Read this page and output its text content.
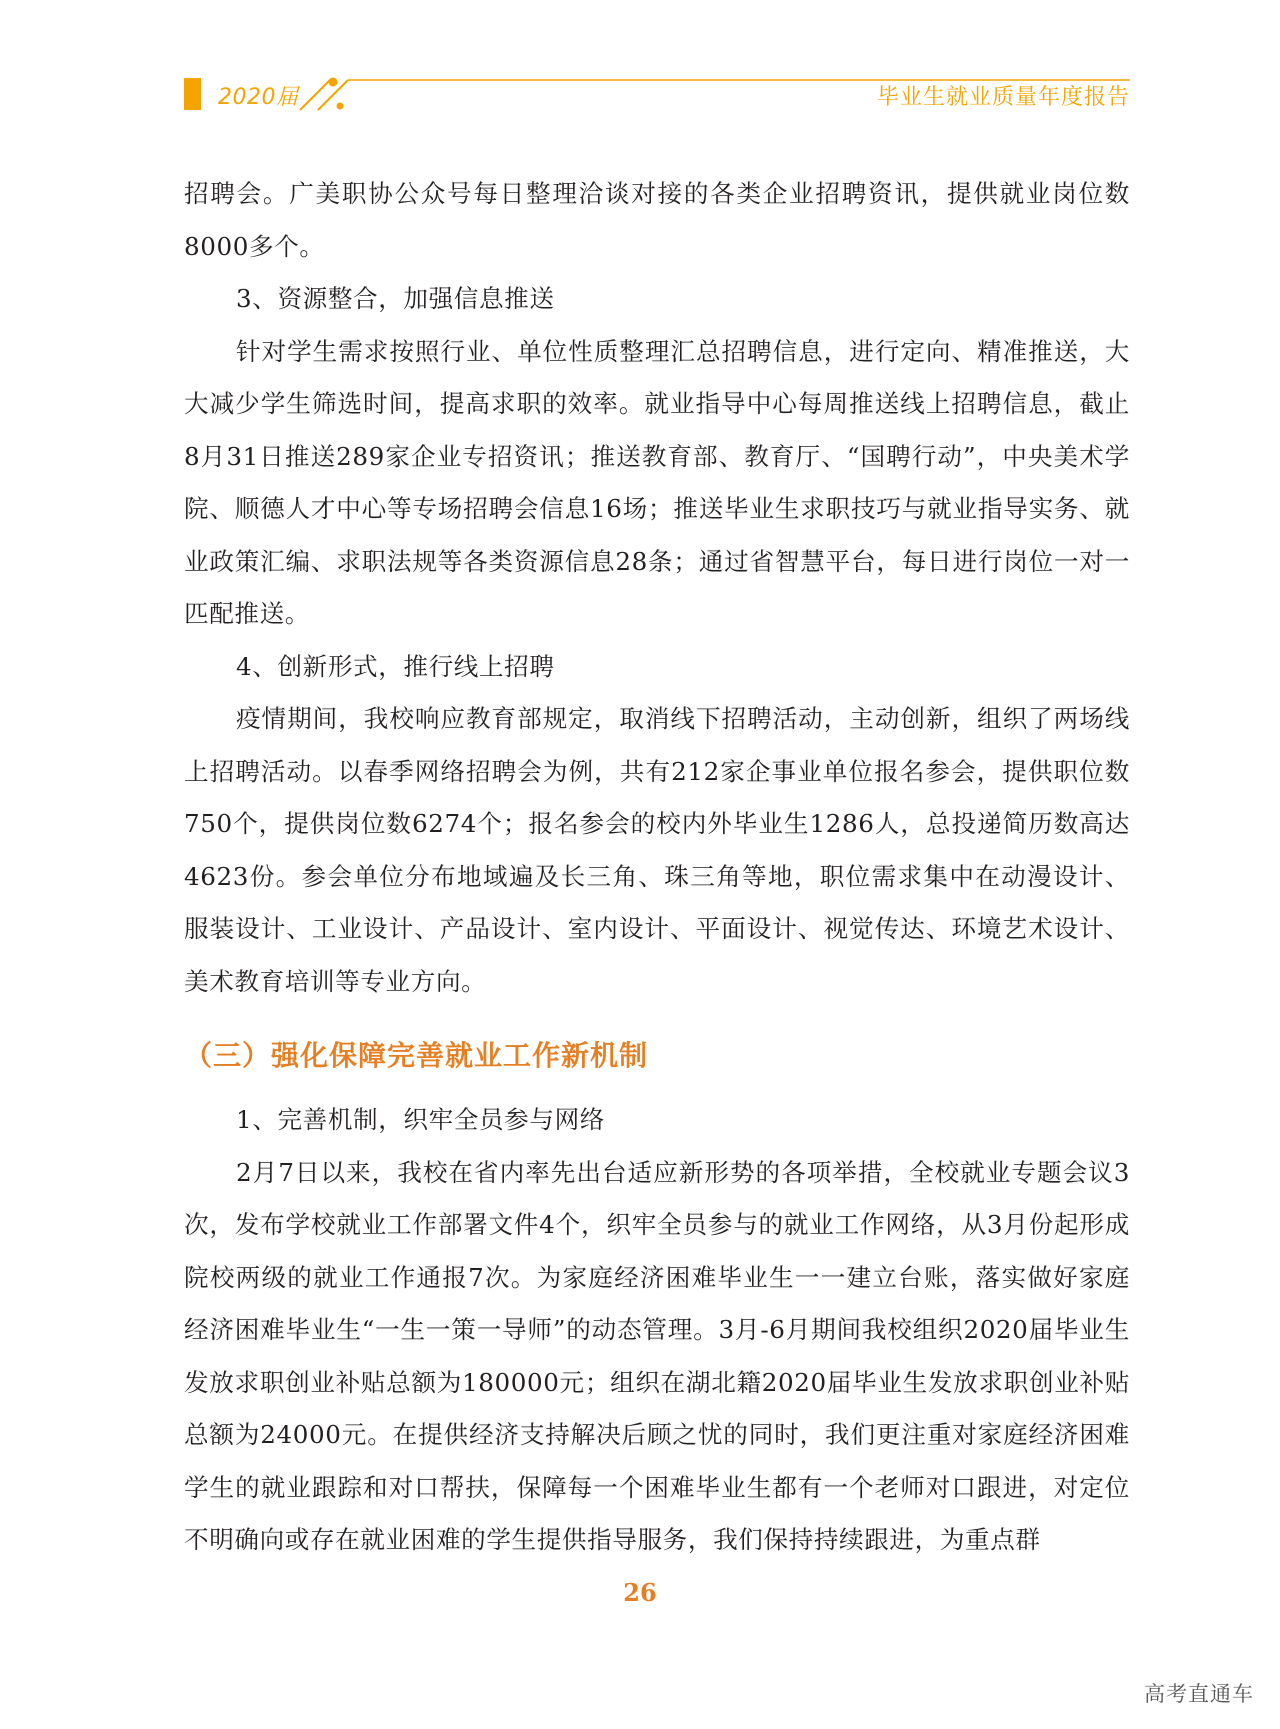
2020届	毕业生就业质量年度报告

招聘会。广美职协公众号每日整理洽谈对接的各类企业招聘资讯，提供就业岗位数8000多个。

3、资源整合，加强信息推送

针对学生需求按照行业、单位性质整理汇总招聘信息，进行定向、精准推送，大大减少学生筛选时间，提高求职的效率。就业指导中心每周推送线上招聘信息，截止8月31日推送289家企业专招资讯；推送教育部、教育厅、“国聘行动”，中央美术学院、顺德人才中心等专场招聘会信息16场；推送毕业生求职技巧与就业指导实务、就业政策汇编、求职法规等各类资源信息28条；通过省智慧平台，每日进行岗位一对一匹配推送。

4、创新形式，推行线上招聘

疫情期间，我校响应教育部规定，取消线下招聘活动，主动创新，组织了两场线上招聘活动。以春季网络招聘会为例，共有212家企事业单位报名参会，提供职位数750个，提供岗位数6274个；报名参会的校内外毕业生1286人，总投递简历数高达4623份。参会单位分布地域遍及长三角、珠三角等地，职位需求集中在动漫设计、服装设计、工业设计、产品设计、室内设计、平面设计、视觉传达、环境艺术设计、美术教育培训等专业方向。

（三）强化保障完善就业工作新机制

1、完善机制，织牢全员参与网络

2月7日以来，我校在省内率先出台适应新形势的各项举措，全校就业专题会议3次，发布学校就业工作部署文件4个，织牢全员参与的就业工作网络，从3月份起形成院校两级的就业工作通报7次。为家庭经济困难毕业生一一建立台账，落实做好家庭经济困难毕业生“一生一策一导师”的动态管理。3月-6月期间我校组织2020届毕业生发放求职创业补贴总额为180000元；组织在湖北籍2020届毕业生发放求职创业补贴总额为24000元。在提供经济支持解决后顾之忧的同时，我们更注重对家庭经济困难学生的就业跟踪和对口帮扶，保障每一个困难毕业生都有一个老师对口跟进，对定位不明确向或存在就业困难的学生提供指导服务，我们保持持续跟进，为重点群

26
高考直通车
